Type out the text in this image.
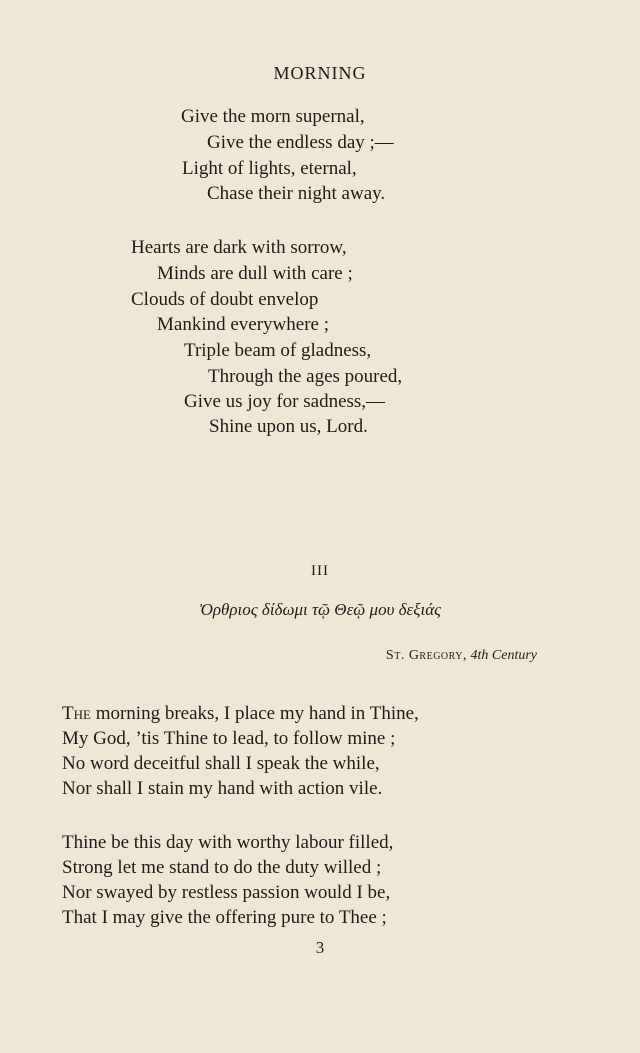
MORNING
Give the morn supernal,
Give the endless day ;—
Light of lights, eternal,
Chase their night away.
Hearts are dark with sorrow,
Minds are dull with care ;
Clouds of doubt envelop
Mankind everywhere ;
Triple beam of gladness,
Through the ages poured,
Give us joy for sadness,—
Shine upon us, Lord.
III
Ὀρθριος δίδωμι τῷ Θεῷ μου δεξιάς
St. Gregory, 4th Century
The morning breaks, I place my hand in Thine,
My God, ’tis Thine to lead, to follow mine ;
No word deceitful shall I speak the while,
Nor shall I stain my hand with action vile.
Thine be this day with worthy labour filled,
Strong let me stand to do the duty willed ;
Nor swayed by restless passion would I be,
That I may give the offering pure to Thee ;
3
